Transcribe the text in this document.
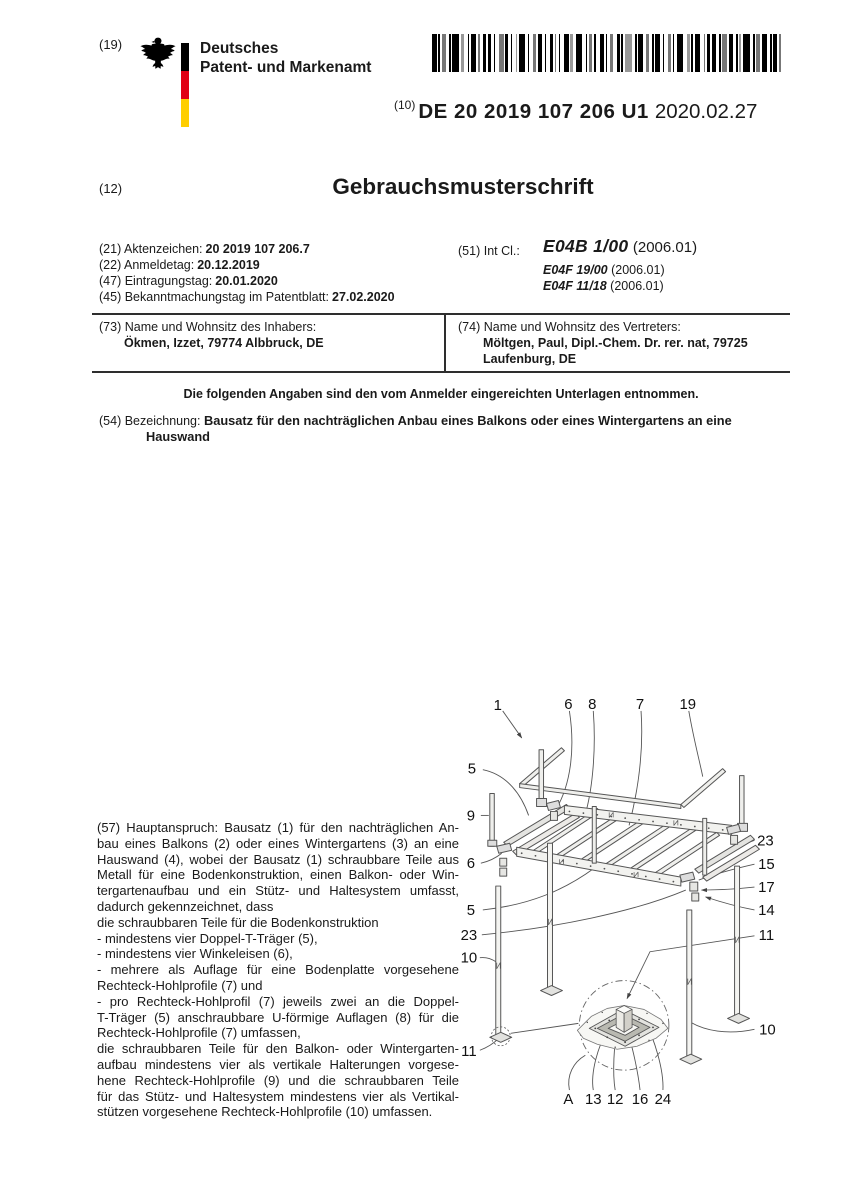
(19)	Deutsches
Patent- und Markenamt
$^{(10)}$ DE 20 2019 107 206 U1 2020.02.27
(12)	Gebrauchsmusterschrift
(21) Aktenzeichen: 20 2019 107 206.7
(22) Anmeldetag: 20.12.2019
(47) Eintragungstag: 20.01.2020
(45) Bekanntmachungstag im Patentblatt: 27.02.2020
(51) Int Cl.: E04B 1/00 (2006.01)
E04F 19/00 (2006.01)
E04F 11/18 (2006.01)
(73) Name und Wohnsitz des Inhabers:
Ökmen, Izzet, 79774 Albbruck, DE
(74) Name und Wohnsitz des Vertreters:
Möltgen, Paul, Dipl.-Chem. Dr. rer. nat, 79725
Laufenburg, DE
Die folgenden Angaben sind den vom Anmelder eingereichten Unterlagen entnommen.
(54) Bezeichnung: Bausatz für den nachträglichen Anbau eines Balkons oder eines Wintergartens an eine
Hauswand
(57) Hauptanspruch: Bausatz (1) für den nachträglichen An-
bau eines Balkons (2) oder eines Wintergartens (3) an eine
Hauswand (4), wobei der Bausatz (1) schraubbare Teile aus
Metall für eine Bodenkonstruktion, einen Balkon- oder Win-
tergartenaufbau und ein Stütz- und Haltesystem umfasst,
dadurch gekennzeichnet, dass
die schraubbaren Teile für die Bodenkonstruktion
- mindestens vier Doppel-T-Träger (5),
- mindestens vier Winkeleisen (6),
- mehrere als Auflage für eine Bodenplatte vorgesehene
Rechteck-Hohlprofile (7) und
- pro Rechteck-Hohlprofil (7) jeweils zwei an die Doppel-
T-Träger (5) anschraubbare U-förmige Auflagen (8) für die
Rechteck-Hohlprofile (7) umfassen,
die schraubbaren Teile für den Balkon- oder Wintergarten-
aufbau mindestens vier als vertikale Halterungen vorgese-
hene Rechteck-Hohlprofile (9) und die schraubbaren Teile
für das Stütz- und Haltesystem mindestens vier als Vertikal-
stützen vorgesehene Rechteck-Hohlprofile (10) umfassen.
1	6 8	7 19
5
9
6
5
23
10
11
23
15
17
14
11
10
A 13 12 16 24
